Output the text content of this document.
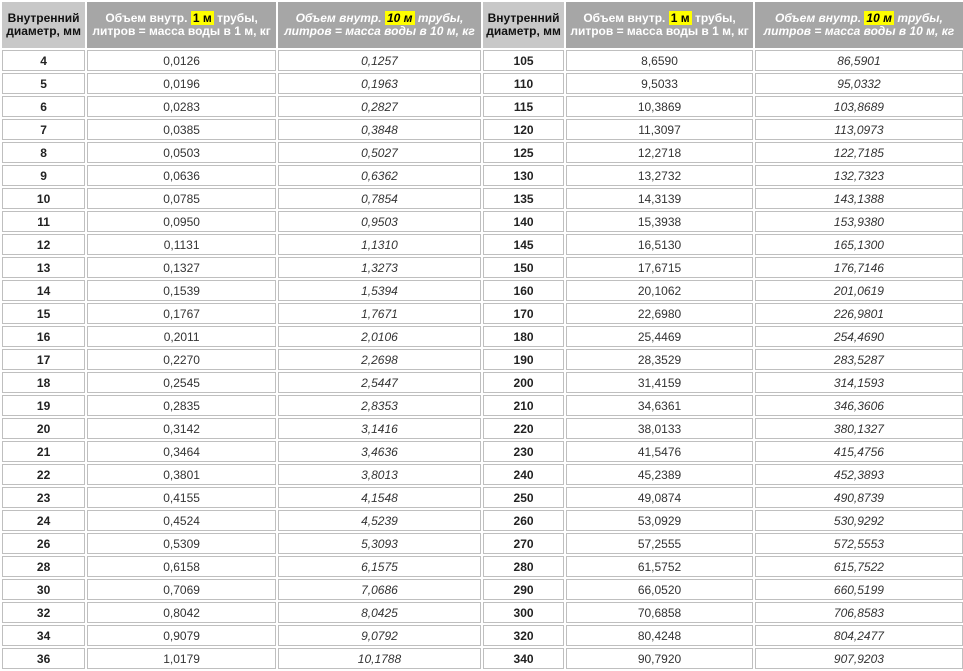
Внутренний диаметр, мм	Объем внутр. 1 м трубы, литров = масса воды в 1 м, кг	Объем внутр. 10 м трубы, литров = масса воды в 10 м, кг	Внутренний диаметр, мм	Объем внутр. 1 м трубы, литров = масса воды в 1 м, кг	Объем внутр. 10 м трубы, литров = масса воды в 10 м, кг
4	0,0126	0,1257	105	8,6590	86,5901
5	0,0196	0,1963	110	9,5033	95,0332
6	0,0283	0,2827	115	10,3869	103,8689
7	0,0385	0,3848	120	11,3097	113,0973
8	0,0503	0,5027	125	12,2718	122,7185
9	0,0636	0,6362	130	13,2732	132,7323
10	0,0785	0,7854	135	14,3139	143,1388
11	0,0950	0,9503	140	15,3938	153,9380
12	0,1131	1,1310	145	16,5130	165,1300
13	0,1327	1,3273	150	17,6715	176,7146
14	0,1539	1,5394	160	20,1062	201,0619
15	0,1767	1,7671	170	22,6980	226,9801
16	0,2011	2,0106	180	25,4469	254,4690
17	0,2270	2,2698	190	28,3529	283,5287
18	0,2545	2,5447	200	31,4159	314,1593
19	0,2835	2,8353	210	34,6361	346,3606
20	0,3142	3,1416	220	38,0133	380,1327
21	0,3464	3,4636	230	41,5476	415,4756
22	0,3801	3,8013	240	45,2389	452,3893
23	0,4155	4,1548	250	49,0874	490,8739
24	0,4524	4,5239	260	53,0929	530,9292
26	0,5309	5,3093	270	57,2555	572,5553
28	0,6158	6,1575	280	61,5752	615,7522
30	0,7069	7,0686	290	66,0520	660,5199
32	0,8042	8,0425	300	70,6858	706,8583
34	0,9079	9,0792	320	80,4248	804,2477
36	1,0179	10,1788	340	90,7920	907,9203
